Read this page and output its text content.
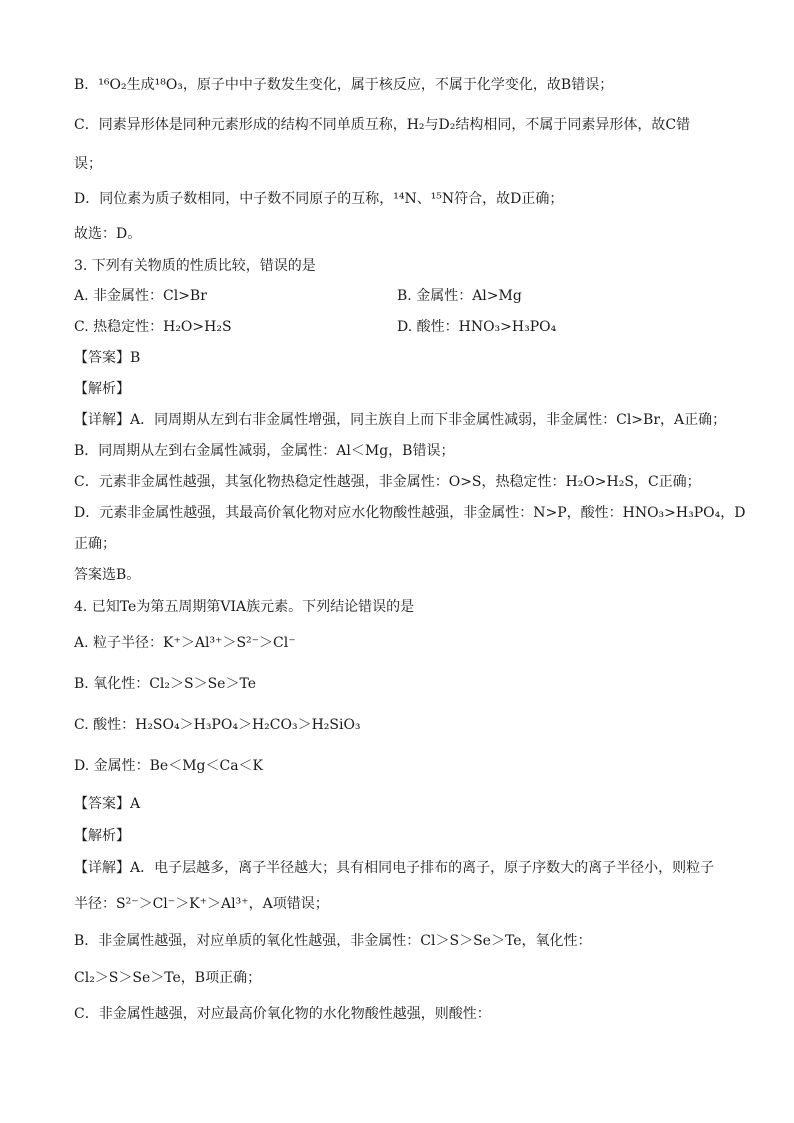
B．¹⁶O₂生成¹⁸O₃，原子中中子数发生变化，属于核反应，不属于化学变化，故B错误；

C．同素异形体是同种元素形成的结构不同单质互称，H₂与D₂结构相同，不属于同素异形体，故C错

误；

D．同位素为质子数相同，中子数不同原子的互称，¹⁴N、¹⁵N符合，故D正确；

故选：D。

3. 下列有关物质的性质比较，错误的是

A. 非金属性：Cl>Br	B. 金属性：Al>Mg

C. 热稳定性：H₂O>H₂S	D. 酸性：HNO₃>H₃PO₄

【答案】B

【解析】

【详解】A．同周期从左到右非金属性增强，同主族自上而下非金属性减弱，非金属性：Cl>Br，A正确；

B．同周期从左到右金属性减弱，金属性：Al＜Mg，B错误；

C．元素非金属性越强，其氢化物热稳定性越强，非金属性：O>S，热稳定性：H₂O>H₂S，C正确；

D．元素非金属性越强，其最高价氧化物对应水化物酸性越强，非金属性：N>P，酸性：HNO₃>H₃PO₄，D

正确；

答案选B。

4. 已知Te为第五周期第VIA族元素。下列结论错误的是

A. 粒子半径：K⁺＞Al³⁺＞S²⁻＞Cl⁻

B. 氧化性：Cl₂＞S＞Se＞Te

C. 酸性：H₂SO₄＞H₃PO₄＞H₂CO₃＞H₂SiO₃

D. 金属性：Be＜Mg＜Ca＜K

【答案】A

【解析】

【详解】A．电子层越多，离子半径越大；具有相同电子排布的离子，原子序数大的离子半径小，则粒子

半径：S²⁻＞Cl⁻＞K⁺＞Al³⁺，A项错误；

B．非金属性越强，对应单质的氧化性越强，非金属性：Cl＞S＞Se＞Te，氧化性：

Cl₂＞S＞Se＞Te，B项正确；

C．非金属性越强，对应最高价氧化物的水化物酸性越强，则酸性：
